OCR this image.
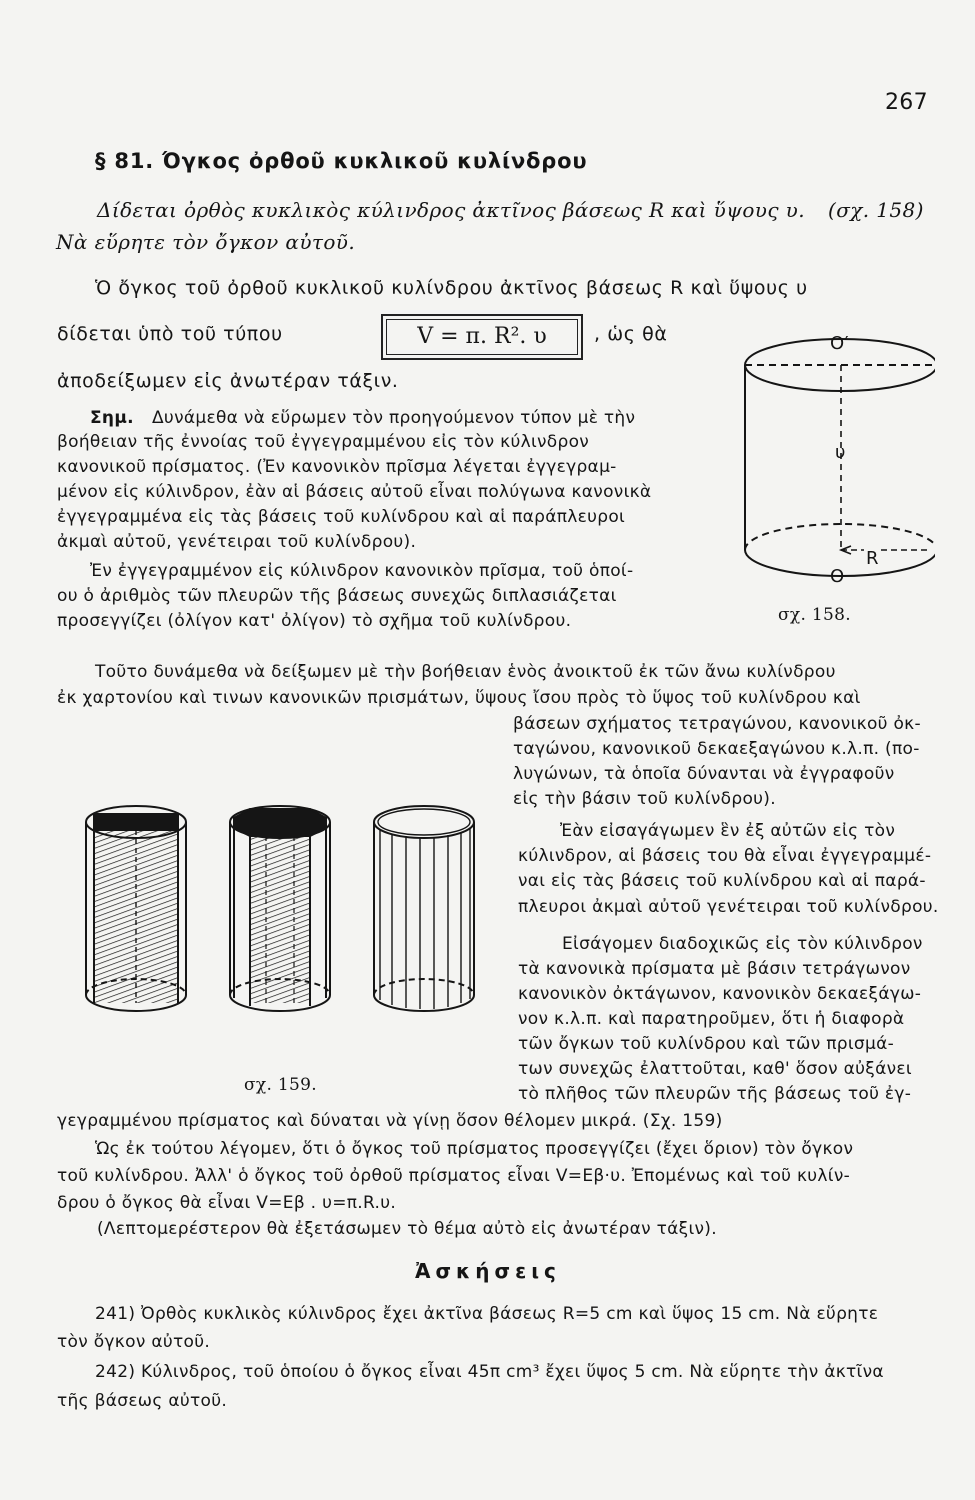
267
§ 81. Όγκος ὀρθοῦ κυκλικοῦ κυλίνδρου
Δίδεται ὀρθὸς κυκλικὸς κύλινδρος ἀκτῖνος βάσεως R καὶ ὕψους υ. (σχ. 158)
Νὰ εὕρητε τὸν ὄγκον αὐτοῦ.
Ὁ ὄγκος τοῦ ὀρθοῦ κυκλικοῦ κυλίνδρου ἀκτῖνος βάσεως R καὶ ὕψους υ
δίδεται ὑπὸ τοῦ τύπου	V = π. R². υ	, ὡς θὰ
ἀποδείξωμεν εἰς ἀνωτέραν τάξιν.
Σημ. Δυνάμεθα νὰ εὕρωμεν τὸν προηγούμενον τύπον μὲ τὴν
βοήθειαν τῆς ἐννοίας τοῦ ἐγγεγραμμένου εἰς τὸν κύλινδρον
κανονικοῦ πρίσματος. (Ἐν κανονικὸν πρῖσμα λέγεται ἐγγεγραμ-
μένον εἰς κύλινδρον, ἐὰν αἱ βάσεις αὐτοῦ εἶναι πολύγωνα κανονικὰ
ἐγγεγραμμένα εἰς τὰς βάσεις τοῦ κυλίνδρου καὶ αἱ παράπλευροι
ἀκμαὶ αὐτοῦ, γενέτειραι τοῦ κυλίνδρου).
Ἐν ἐγγεγραμμένον εἰς κύλινδρον κανονικὸν πρῖσμα, τοῦ ὁποί-
ου ὁ ἀριθμὸς τῶν πλευρῶν τῆς βάσεως συνεχῶς διπλασιάζεται
προσεγγίζει (ὀλίγον κατ' ὀλίγον) τὸ σχῆμα τοῦ κυλίνδρου.
O′
υ
O
R
σχ. 158.
Τοῦτο δυνάμεθα νὰ δείξωμεν μὲ τὴν βοήθειαν ἑνὸς ἀνοικτοῦ ἐκ τῶν ἄνω κυλίνδρου
ἐκ χαρτονίου καὶ τινων κανονικῶν πρισμάτων, ὕψους ἴσου πρὸς τὸ ὕψος τοῦ κυλίνδρου καὶ
βάσεων σχήματος τετραγώνου, κανονικοῦ ὀκ-
ταγώνου, κανονικοῦ δεκαεξαγώνου κ.λ.π. (πο-
λυγώνων, τὰ ὁποῖα δύνανται νὰ ἐγγραφοῦν
εἰς τὴν βάσιν τοῦ κυλίνδρου).
Ἐὰν εἰσαγάγωμεν ἓν ἐξ αὐτῶν εἰς τὸν
κύλινδρον, αἱ βάσεις του θὰ εἶναι ἐγγεγραμμέ-
ναι εἰς τὰς βάσεις τοῦ κυλίνδρου καὶ αἱ παρά-
πλευροι ἀκμαὶ αὐτοῦ γενέτειραι τοῦ κυλίνδρου.
Εἰσάγομεν διαδοχικῶς εἰς τὸν κύλινδρον
τὰ κανονικὰ πρίσματα μὲ βάσιν τετράγωνον
κανονικὸν ὀκτάγωνον, κανονικὸν δεκαεξάγω-
νον κ.λ.π. καὶ παρατηροῦμεν, ὅτι ἡ διαφορὰ
τῶν ὄγκων τοῦ κυλίνδρου καὶ τῶν πρισμά-
των συνεχῶς ἐλαττοῦται, καθ' ὅσον αὐξάνει
τὸ πλῆθος τῶν πλευρῶν τῆς βάσεως τοῦ ἐγ-
σχ. 159.
γεγραμμένου πρίσματος καὶ δύναται νὰ γίνῃ ὅσον θέλομεν μικρά. (Σχ. 159)
Ὡς ἐκ τούτου λέγομεν, ὅτι ὁ ὄγκος τοῦ πρίσματος προσεγγίζει (ἔχει ὅριον) τὸν ὄγκον
τοῦ κυλίνδρου. Ἀλλ' ὁ ὄγκος τοῦ ὀρθοῦ πρίσματος εἶναι V=Eβ·υ. Ἐπομένως καὶ τοῦ κυλίν-
δρου ὁ ὄγκος θὰ εἶναι V=Eβ . υ=π.R.υ.
(Λεπτομερέστερον θὰ ἐξετάσωμεν τὸ θέμα αὐτὸ εἰς ἀνωτέραν τάξιν).
Ἀσκήσεις
241) Ὀρθὸς κυκλικὸς κύλινδρος ἔχει ἀκτῖνα βάσεως R=5 cm καὶ ὕψος 15 cm. Νὰ εὕρητε
τὸν ὄγκον αὐτοῦ.
242) Κύλινδρος, τοῦ ὁποίου ὁ ὄγκος εἶναι 45π cm³ ἔχει ὕψος 5 cm. Νὰ εὕρητε τὴν ἀκτῖνα
τῆς βάσεως αὐτοῦ.
